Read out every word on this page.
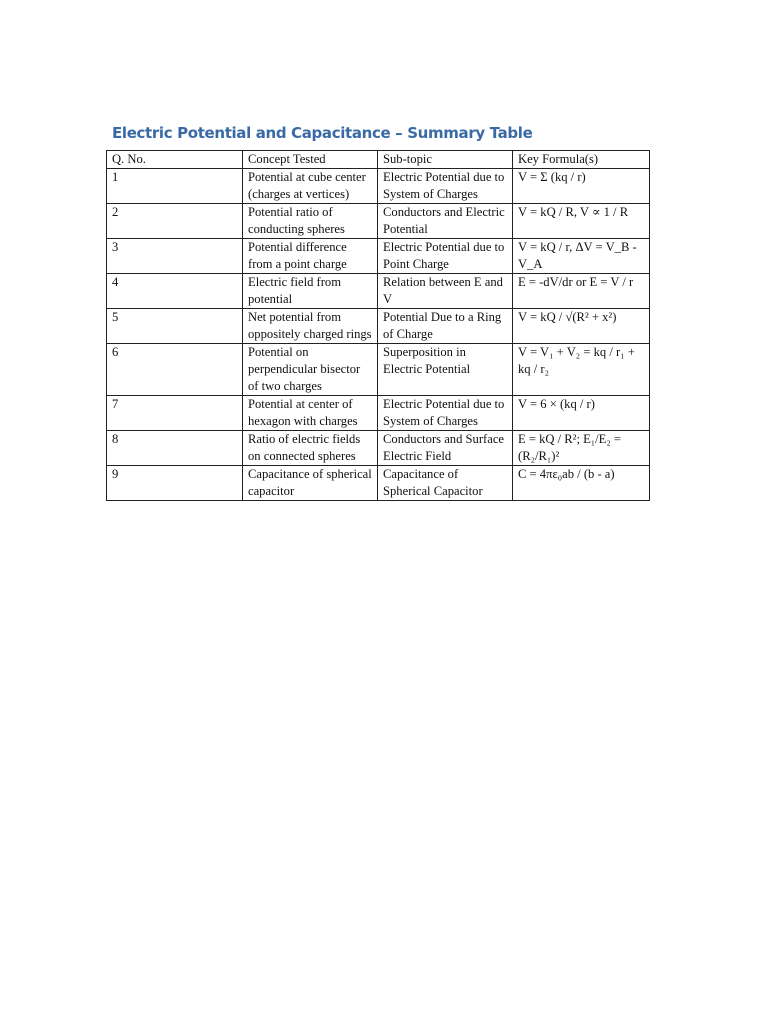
Electric Potential and Capacitance – Summary Table
Q. No.	Concept Tested	Sub-topic	Key Formula(s)
1	Potential at cube center (charges at vertices)	Electric Potential due to System of Charges	V = Σ (kq / r)
2	Potential ratio of conducting spheres	Conductors and Electric Potential	V = kQ / R, V ∝ 1 / R
3	Potential difference from a point charge	Electric Potential due to Point Charge	V = kQ / r, ΔV = V_B - V_A
4	Electric field from potential	Relation between E and V	E = -dV/dr or E = V / r
5	Net potential from oppositely charged rings	Potential Due to a Ring of Charge	V = kQ / √(R² + x²)
6	Potential on perpendicular bisector of two charges	Superposition in Electric Potential	V = V₁ + V₂ = kq / r₁ + kq / r₂
7	Potential at center of hexagon with charges	Electric Potential due to System of Charges	V = 6 × (kq / r)
8	Ratio of electric fields on connected spheres	Conductors and Surface Electric Field	E = kQ / R²; E₁/E₂ = (R₂/R₁)²
9	Capacitance of spherical capacitor	Capacitance of Spherical Capacitor	C = 4πε₀ab / (b - a)
